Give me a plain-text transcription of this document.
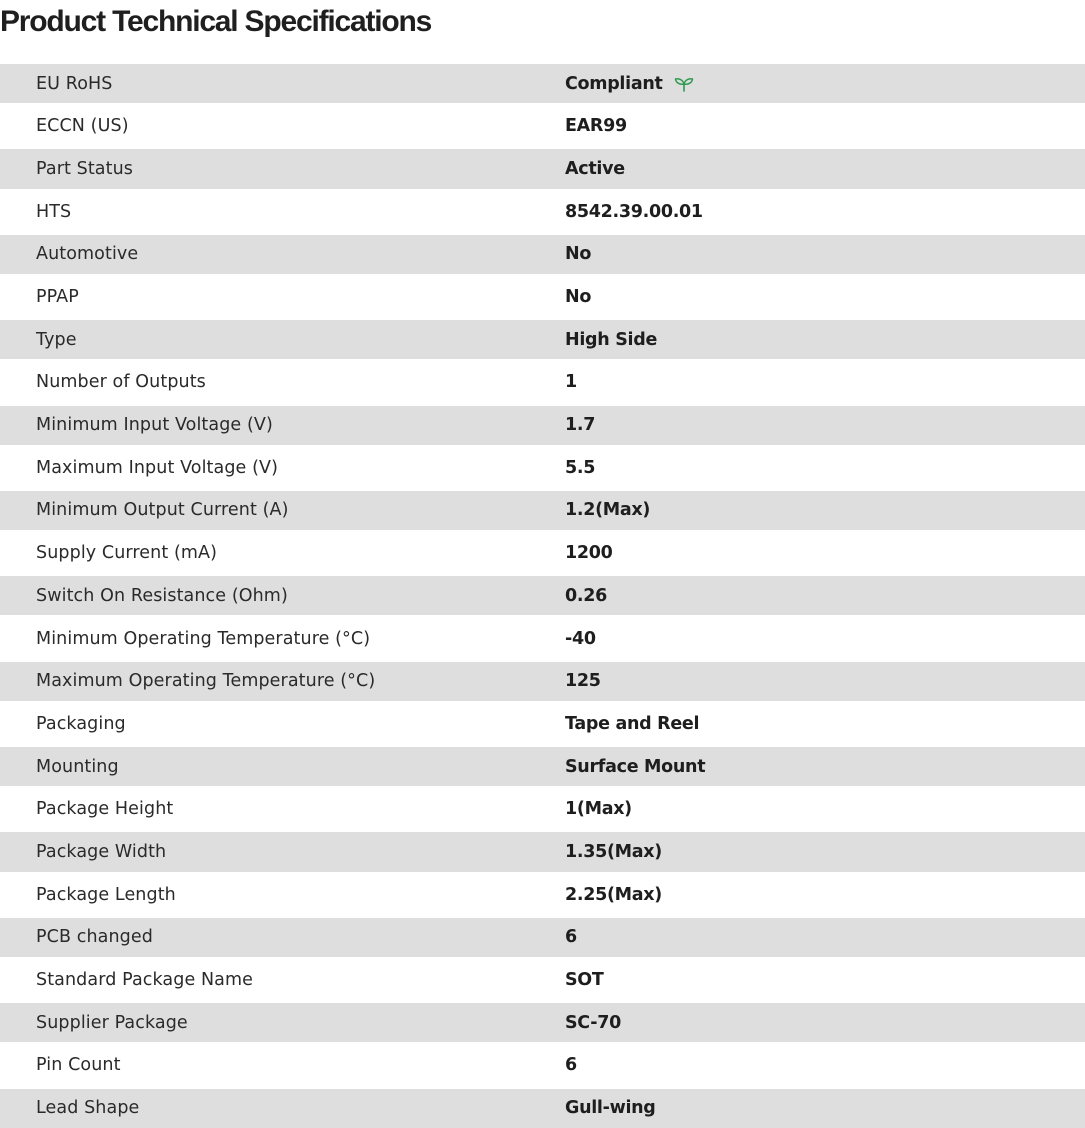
Product Technical Specifications
EU RoHS	Compliant
ECCN (US)	EAR99
Part Status	Active
HTS	8542.39.00.01
Automotive	No
PPAP	No
Type	High Side
Number of Outputs	1
Minimum Input Voltage (V)	1.7
Maximum Input Voltage (V)	5.5
Minimum Output Current (A)	1.2(Max)
Supply Current (mA)	1200
Switch On Resistance (Ohm)	0.26
Minimum Operating Temperature (°C)	-40
Maximum Operating Temperature (°C)	125
Packaging	Tape and Reel
Mounting	Surface Mount
Package Height	1(Max)
Package Width	1.35(Max)
Package Length	2.25(Max)
PCB changed	6
Standard Package Name	SOT
Supplier Package	SC-70
Pin Count	6
Lead Shape	Gull-wing
